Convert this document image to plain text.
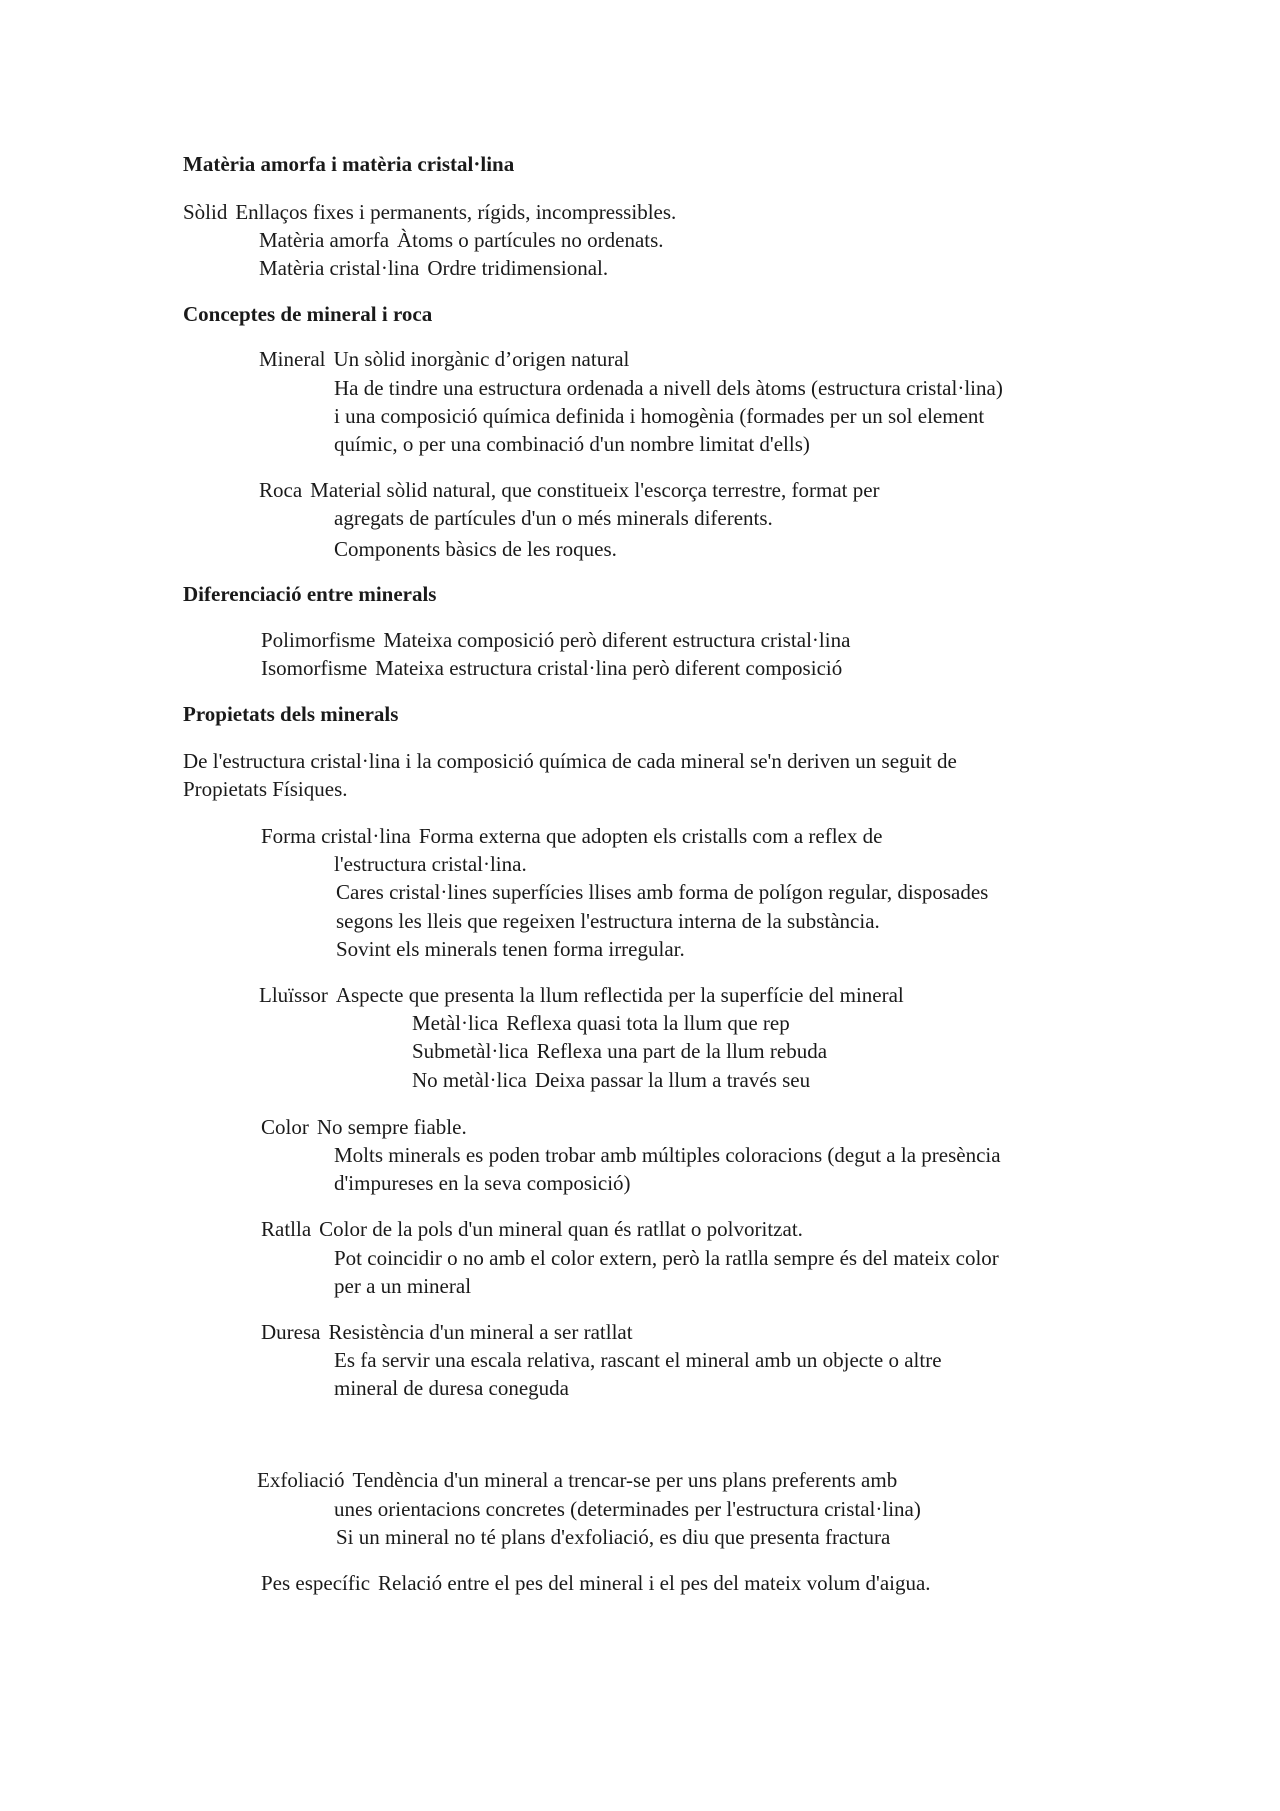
Matèria amorfa i matèria cristal·lina
Sòlid Enllaços fixes i permanents, rígids, incompressibles.
Matèria amorfa Àtoms o partícules no ordenats.
Matèria cristal·lina Ordre tridimensional.
Conceptes de mineral i roca
Mineral Un sòlid inorgànic d’origen natural
Ha de tindre una estructura ordenada a nivell dels àtoms (estructura cristal·lina)
i una composició química definida i homogènia (formades per un sol element
químic, o per una combinació d'un nombre limitat d'ells)
Roca Material sòlid natural, que constitueix l'escorça terrestre, format per
agregats de partícules d'un o més minerals diferents.
Components bàsics de les roques.
Diferenciació entre minerals
Polimorfisme Mateixa composició però diferent estructura cristal·lina
Isomorfisme Mateixa estructura cristal·lina però diferent composició
Propietats dels minerals
De l'estructura cristal·lina i la composició química de cada mineral se'n deriven un seguit de
Propietats Físiques.
Forma cristal·lina Forma externa que adopten els cristalls com a reflex de
l'estructura cristal·lina.
Cares cristal·lines superfícies llises amb forma de polígon regular, disposades
segons les lleis que regeixen l'estructura interna de la substància.
Sovint els minerals tenen forma irregular.
Lluïssor Aspecte que presenta la llum reflectida per la superfície del mineral
Metàl·lica Reflexa quasi tota la llum que rep
Submetàl·lica Reflexa una part de la llum rebuda
No metàl·lica Deixa passar la llum a través seu
Color No sempre fiable.
Molts minerals es poden trobar amb múltiples coloracions (degut a la presència
d'impureses en la seva composició)
Ratlla Color de la pols d'un mineral quan és ratllat o polvoritzat.
Pot coincidir o no amb el color extern, però la ratlla sempre és del mateix color
per a un mineral
Duresa Resistència d'un mineral a ser ratllat
Es fa servir una escala relativa, rascant el mineral amb un objecte o altre
mineral de duresa coneguda
Exfoliació Tendència d'un mineral a trencar-se per uns plans preferents amb
unes orientacions concretes (determinades per l'estructura cristal·lina)
Si un mineral no té plans d'exfoliació, es diu que presenta fractura
Pes específic Relació entre el pes del mineral i el pes del mateix volum d'aigua.
